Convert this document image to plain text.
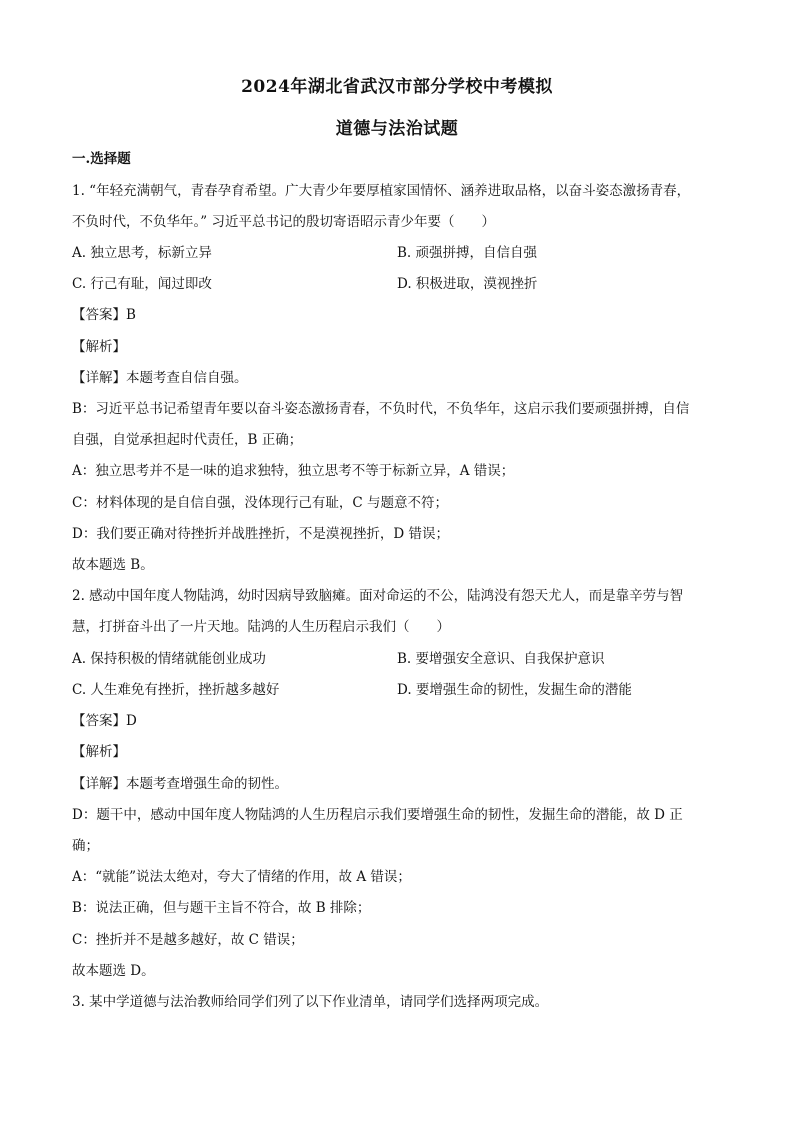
2024年湖北省武汉市部分学校中考模拟
道德与法治试题
一.选择题
1. “年轻充满朝气，青春孕育希望。广大青少年要厚植家国情怀、涵养进取品格，以奋斗姿态激扬青春，
不负时代，不负华年。” 习近平总书记的殷切寄语昭示青少年要（　　）
A. 独立思考，标新立异	B. 顽强拼搏，自信自强
C. 行己有耻，闻过即改	D. 积极进取，漠视挫折
【答案】B
【解析】
【详解】本题考查自信自强。
B：习近平总书记希望青年要以奋斗姿态激扬青春，不负时代，不负华年，这启示我们要顽强拼搏，自信
自强，自觉承担起时代责任，B 正确；
A：独立思考并不是一味的追求独特，独立思考不等于标新立异，A 错误；
C：材料体现的是自信自强，没体现行己有耻，C 与题意不符；
D：我们要正确对待挫折并战胜挫折，不是漠视挫折，D 错误；
故本题选 B。
2. 感动中国年度人物陆鸿，幼时因病导致脑瘫。面对命运的不公，陆鸿没有怨天尤人，而是靠辛劳与智
慧，打拼奋斗出了一片天地。陆鸿的人生历程启示我们（　　）
A. 保持积极的情绪就能创业成功	B. 要增强安全意识、自我保护意识
C. 人生难免有挫折，挫折越多越好	D. 要增强生命的韧性，发掘生命的潜能
【答案】D
【解析】
【详解】本题考查增强生命的韧性。
D：题干中，感动中国年度人物陆鸿的人生历程启示我们要增强生命的韧性，发掘生命的潜能，故 D 正
确；
A：“就能”说法太绝对，夸大了情绪的作用，故 A 错误；
B：说法正确，但与题干主旨不符合，故 B 排除；
C：挫折并不是越多越好，故 C 错误；
故本题选 D。
3. 某中学道德与法治教师给同学们列了以下作业清单，请同学们选择两项完成。
